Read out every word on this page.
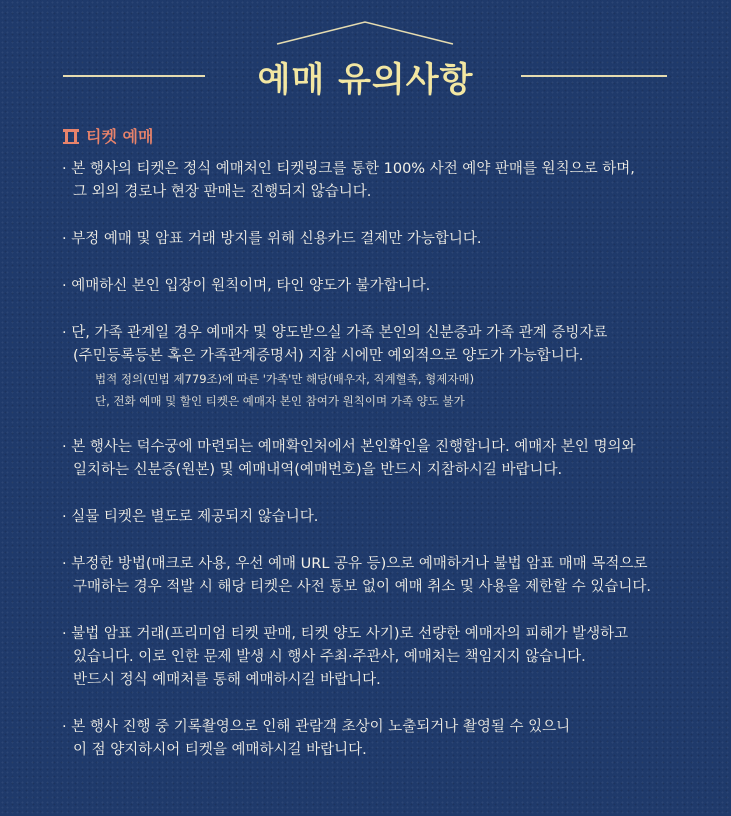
예매 유의사항
티켓 예매
· 본 행사의 티켓은 정식 예매처인 티켓링크를 통한 100% 사전 예약 판매를 원칙으로 하며,
그 외의 경로나 현장 판매는 진행되지 않습니다.
· 부정 예매 및 암표 거래 방지를 위해 신용카드 결제만 가능합니다.
· 예매하신 본인 입장이 원칙이며, 타인 양도가 불가합니다.
· 단, 가족 관계일 경우 예매자 및 양도받으실 가족 본인의 신분증과 가족 관계 증빙자료
(주민등록등본 혹은 가족관계증명서) 지참 시에만 예외적으로 양도가 가능합니다.
법적 정의(민법 제779조)에 따른 '가족'만 해당(배우자, 직계혈족, 형제자매)
단, 전화 예매 및 할인 티켓은 예매자 본인 참여가 원칙이며 가족 양도 불가
· 본 행사는 덕수궁에 마련되는 예매확인처에서 본인확인을 진행합니다. 예매자 본인 명의와
일치하는 신분증(원본) 및 예매내역(예매번호)을 반드시 지참하시길 바랍니다.
· 실물 티켓은 별도로 제공되지 않습니다.
· 부정한 방법(매크로 사용, 우선 예매 URL 공유 등)으로 예매하거나 불법 암표 매매 목적으로
구매하는 경우 적발 시 해당 티켓은 사전 통보 없이 예매 취소 및 사용을 제한할 수 있습니다.
· 불법 암표 거래(프리미엄 티켓 판매, 티켓 양도 사기)로 선량한 예매자의 피해가 발생하고
있습니다. 이로 인한 문제 발생 시 행사 주최·주관사, 예매처는 책임지지 않습니다.
반드시 정식 예매처를 통해 예매하시길 바랍니다.
· 본 행사 진행 중 기록촬영으로 인해 관람객 초상이 노출되거나 촬영될 수 있으니
이 점 양지하시어 티켓을 예매하시길 바랍니다.
